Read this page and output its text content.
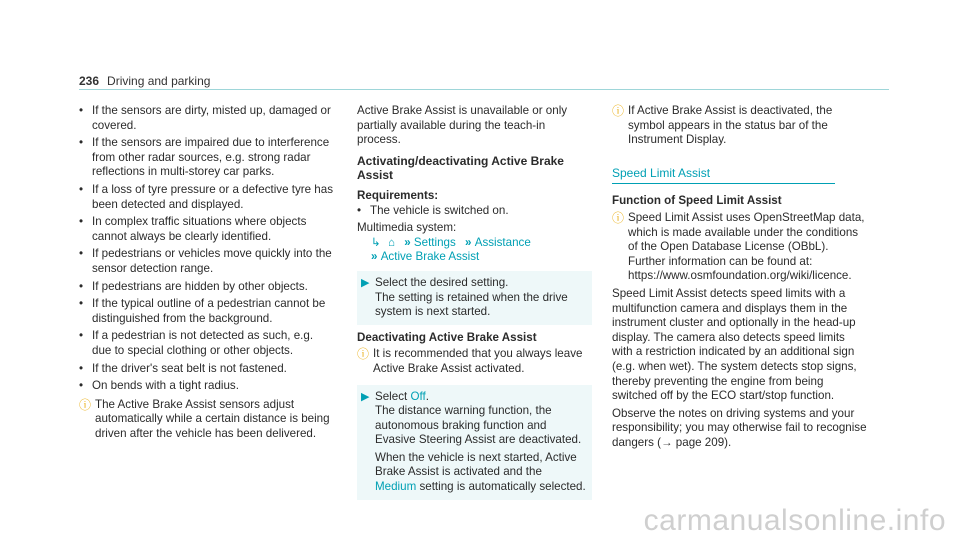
236 Driving and parking
• If the sensors are dirty, misted up, damaged or covered.
• If the sensors are impaired due to interference from other radar sources, e.g. strong radar reflections in multi-storey car parks.
• If a loss of tyre pressure or a defective tyre has been detected and displayed.
• In complex traffic situations where objects cannot always be clearly identified.
• If pedestrians or vehicles move quickly into the sensor detection range.
• If pedestrians are hidden by other objects.
• If the typical outline of a pedestrian cannot be distinguished from the background.
• If a pedestrian is not detected as such, e.g. due to special clothing or other objects.
• If the driver's seat belt is not fastened.
• On bends with a tight radius.
ⓘ The Active Brake Assist sensors adjust automatically while a certain distance is being driven after the vehicle has been delivered.

Active Brake Assist is unavailable or only partially available during the teach-in process.

Activating/deactivating Active Brake Assist
Requirements:
• The vehicle is switched on.

Multimedia system:

↳ ⌂ » Settings » Assistance
» Active Brake Assist
▶ Select the desired setting.

The setting is retained when the drive system is next started.

Deactivating Active Brake Assist
ⓘ It is recommended that you always leave Active Brake Assist activated.
▶ Select Off.

The distance warning function, the autonomous braking function and Evasive Steering Assist are deactivated.

When the vehicle is next started, Active Brake Assist is activated and the Medium setting is automatically selected.

ⓘ If Active Brake Assist is deactivated, the symbol appears in the status bar of the Instrument Display.
Speed Limit Assist
Function of Speed Limit Assist
ⓘ Speed Limit Assist uses OpenStreetMap data, which is made available under the conditions of the Open Database License (OBbL). Further information can be found at: https://www.osmfoundation.org/wiki/licence.

Speed Limit Assist detects speed limits with a multifunction camera and displays them in the instrument cluster and optionally in the head-up display. The camera also detects speed limits with a restriction indicated by an additional sign (e.g. when wet). The system detects stop signs, thereby preventing the engine from being switched off by the ECO start/stop function.

Observe the notes on driving systems and your responsibility; you may otherwise fail to recognise dangers (→ page 209).

carmanualsonline.info
